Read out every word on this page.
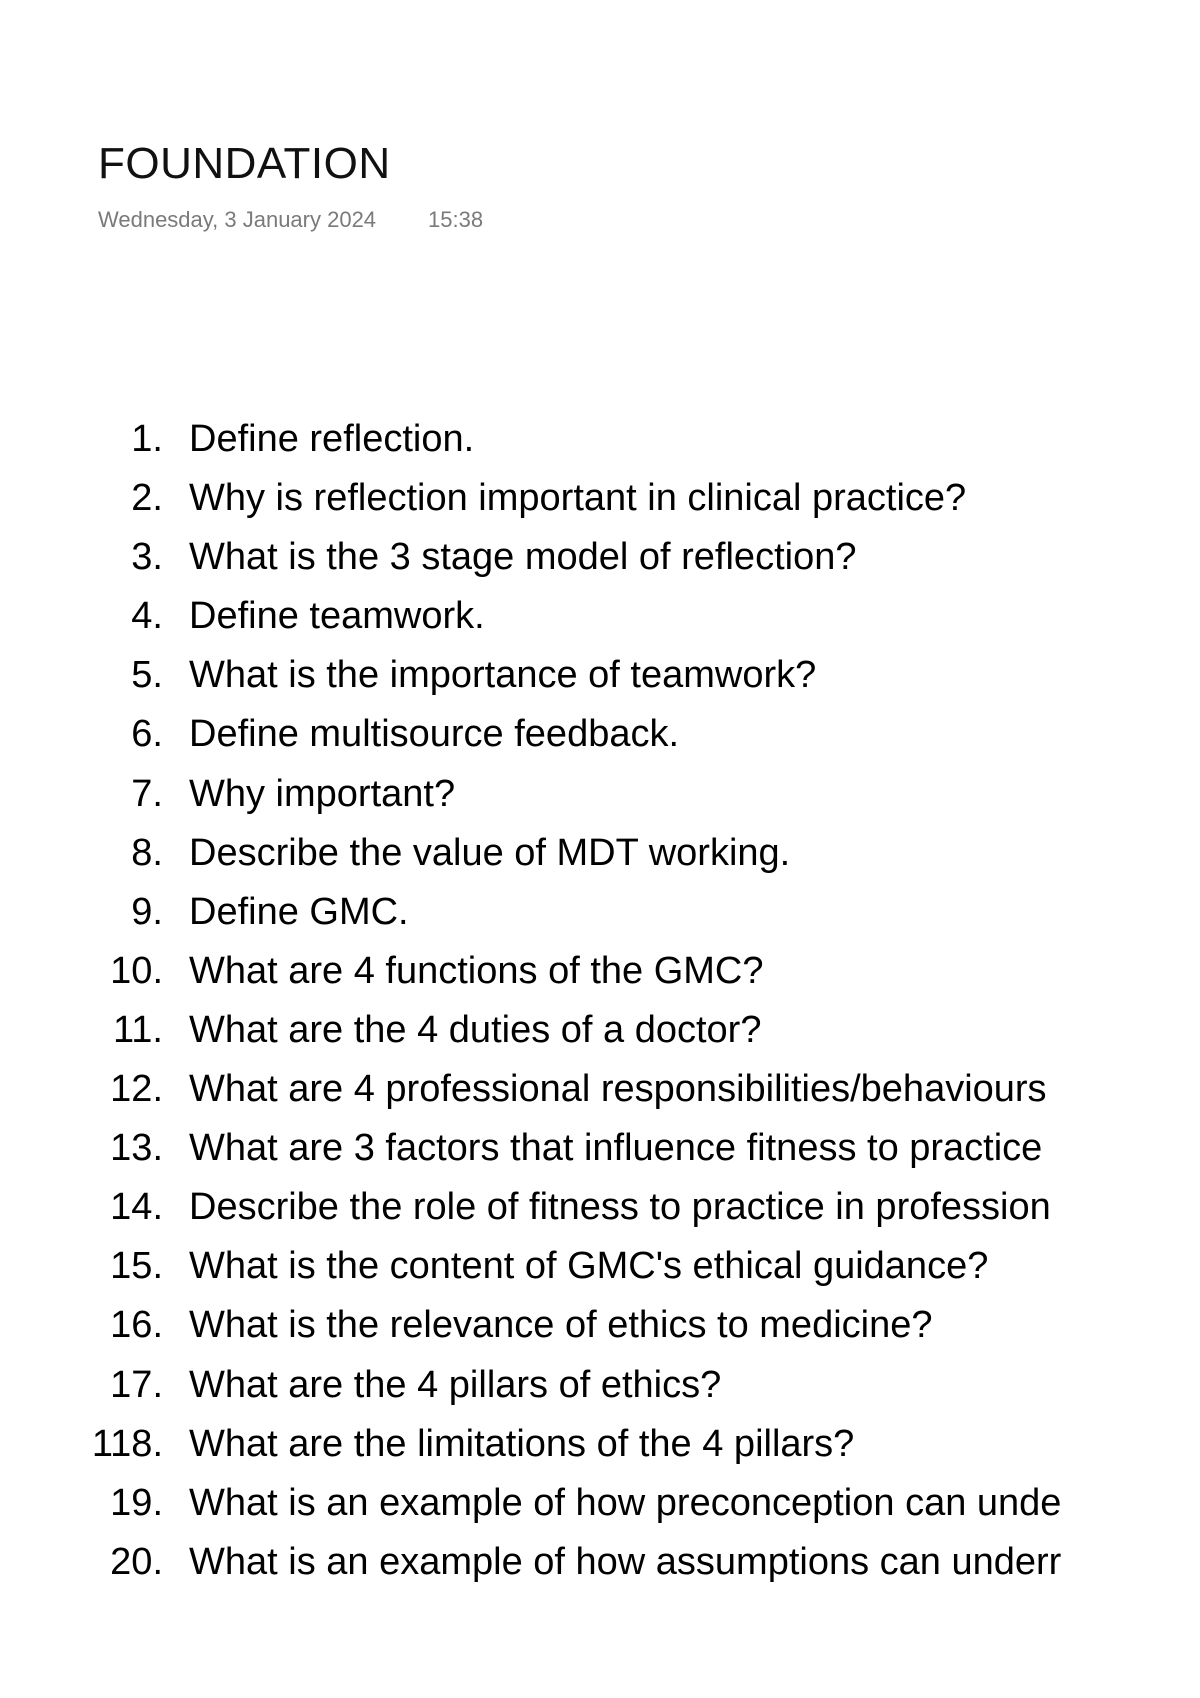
FOUNDATION
Wednesday, 3 January 2024 15:38
1. Define reflection.
2. Why is reflection important in clinical practice?
3. What is the 3 stage model of reflection?
4. Define teamwork.
5. What is the importance of teamwork?
6. Define multisource feedback.
7. Why important?
8. Describe the value of MDT working.
9. Define GMC.
10. What are 4 functions of the GMC?
11. What are the 4 duties of a doctor?
12. What are 4 professional responsibilities/behaviours
13. What are 3 factors that influence fitness to practice
14. Describe the role of fitness to practice in profession
15. What is the content of GMC's ethical guidance?
16. What is the relevance of ethics to medicine?
17. What are the 4 pillars of ethics?
118. What are the limitations of the 4 pillars?
19. What is an example of how preconception can unde
20. What is an example of how assumptions can underr
